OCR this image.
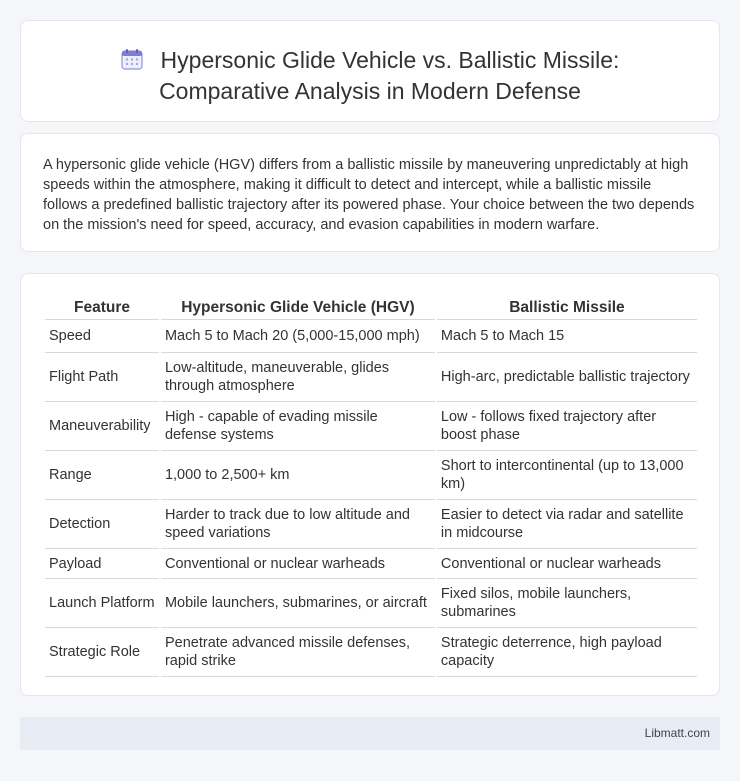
Hypersonic Glide Vehicle vs. Ballistic Missile:
Comparative Analysis in Modern Defense

A hypersonic glide vehicle (HGV) differs from a ballistic missile by maneuvering unpredictably at high speeds within the atmosphere, making it difficult to detect and intercept, while a ballistic missile follows a predefined ballistic trajectory after its powered phase. Your choice between the two depends on the mission's need for speed, accuracy, and evasion capabilities in modern warfare.

Feature	Hypersonic Glide Vehicle (HGV)	Ballistic Missile
Speed	Mach 5 to Mach 20 (5,000-15,000 mph)	Mach 5 to Mach 15
Flight Path	Low-altitude, maneuverable, glides through atmosphere	High-arc, predictable ballistic trajectory
Maneuverability	High - capable of evading missile defense systems	Low - follows fixed trajectory after boost phase
Range	1,000 to 2,500+ km	Short to intercontinental (up to 13,000 km)
Detection	Harder to track due to low altitude and speed variations	Easier to detect via radar and satellite in midcourse
Payload	Conventional or nuclear warheads	Conventional or nuclear warheads
Launch Platform	Mobile launchers, submarines, or aircraft	Fixed silos, mobile launchers, submarines
Strategic Role	Penetrate advanced missile defenses, rapid strike	Strategic deterrence, high payload capacity
Libmatt.com
